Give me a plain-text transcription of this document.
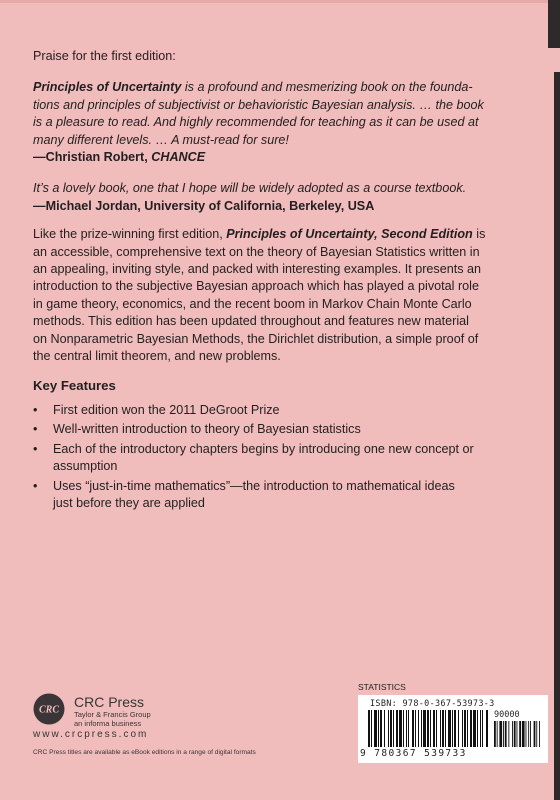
Praise for the first edition:

Principles of Uncertainty is a profound and mesmerizing book on the founda-
tions and principles of subjectivist or behavioristic Bayesian analysis. … the book
is a pleasure to read. And highly recommended for teaching as it can be used at
many different levels. … A must-read for sure!

—Christian Robert, CHANCE

It’s a lovely book, one that I hope will be widely adopted as a course textbook.

—Michael Jordan, University of California, Berkeley, USA

Like the prize-winning first edition, Principles of Uncertainty, Second Edition is
an accessible, comprehensive text on the theory of Bayesian Statistics written in
an appealing, inviting style, and packed with interesting examples. It presents an
introduction to the subjective Bayesian approach which has played a pivotal role
in game theory, economics, and the recent boom in Markov Chain Monte Carlo
methods. This edition has been updated throughout and features new material
on Nonparametric Bayesian Methods, the Dirichlet distribution, a simple proof of
the central limit theorem, and new problems.

Key Features

• First edition won the 2011 DeGroot Prize
• Well-written introduction to theory of Bayesian statistics
• Each of the introductory chapters begins by introducing one new concept or
assumption
• Uses “just-in-time mathematics”—the introduction to mathematical ideas
just before they are applied
CRC CRC Press
Taylor & Francis Group
an informa business
www.crcpress.com
CRC Press titles are available as eBook editions in a range of digital formats
STATISTICS
ISBN: 978-0-367-53973-3
90000
9 780367 539733
